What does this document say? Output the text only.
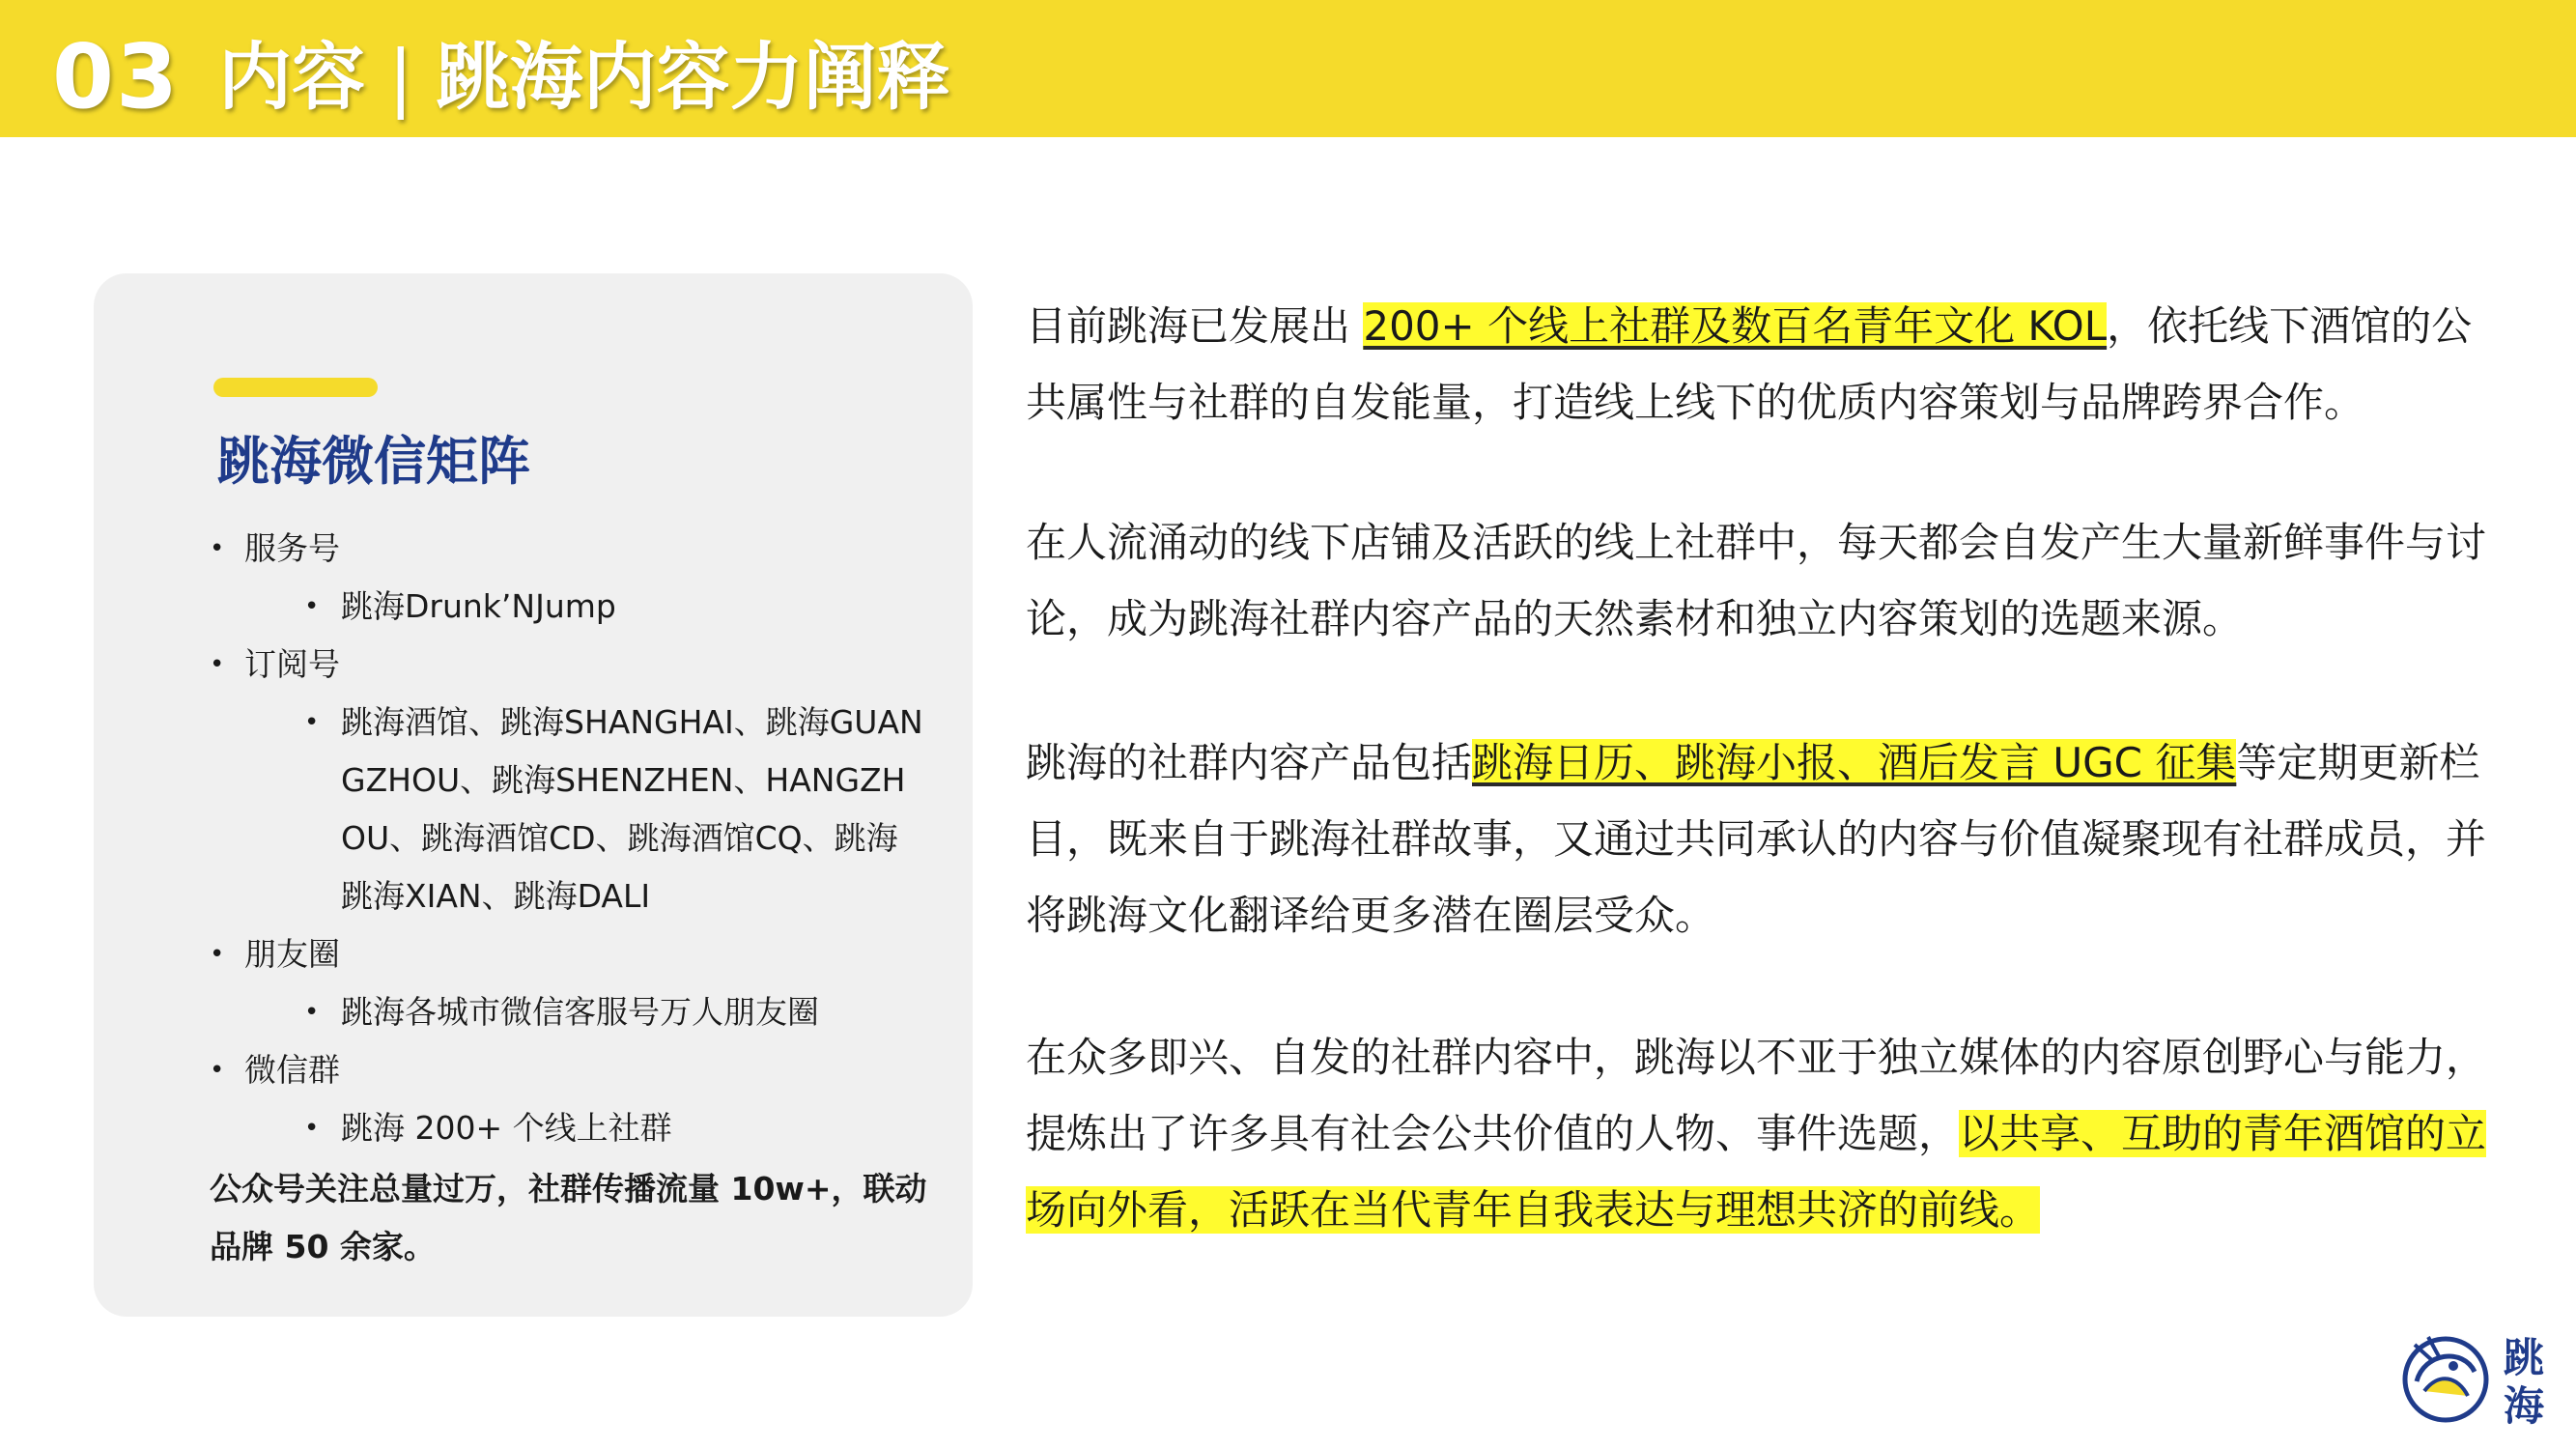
03 内容 | 跳海内容力阐释
跳海微信矩阵
• 服务号
• 跳海Drunk’NJump
• 订阅号
• 跳海酒馆、跳海SHANGHAI、跳海GUANGZHOU、跳海SHENZHEN、HANGZHOU、跳海酒馆CD、跳海酒馆CQ、跳海跳海XIAN、跳海DALI
• 朋友圈
• 跳海各城市微信客服号万人朋友圈
• 微信群
• 跳海 200+ 个线上社群
公众号关注总量过万，社群传播流量 10w+，联动品牌 50 余家。
目前跳海已发展出 200+ 个线上社群及数百名青年文化 KOL，依托线下酒馆的公共属性与社群的自发能量，打造线上线下的优质内容策划与品牌跨界合作。
在人流涌动的线下店铺及活跃的线上社群中，每天都会自发产生大量新鲜事件与讨论，成为跳海社群内容产品的天然素材和独立内容策划的选题来源。
跳海的社群内容产品包括跳海日历、跳海小报、酒后发言 UGC 征集等定期更新栏目，既来自于跳海社群故事，又通过共同承认的内容与价值凝聚现有社群成员，并将跳海文化翻译给更多潜在圈层受众。
在众多即兴、自发的社群内容中，跳海以不亚于独立媒体的内容原创野心与能力，提炼出了许多具有社会公共价值的人物、事件选题，以共享、互助的青年酒馆的立场向外看，活跃在当代青年自我表达与理想共济的前线。
跳
海
